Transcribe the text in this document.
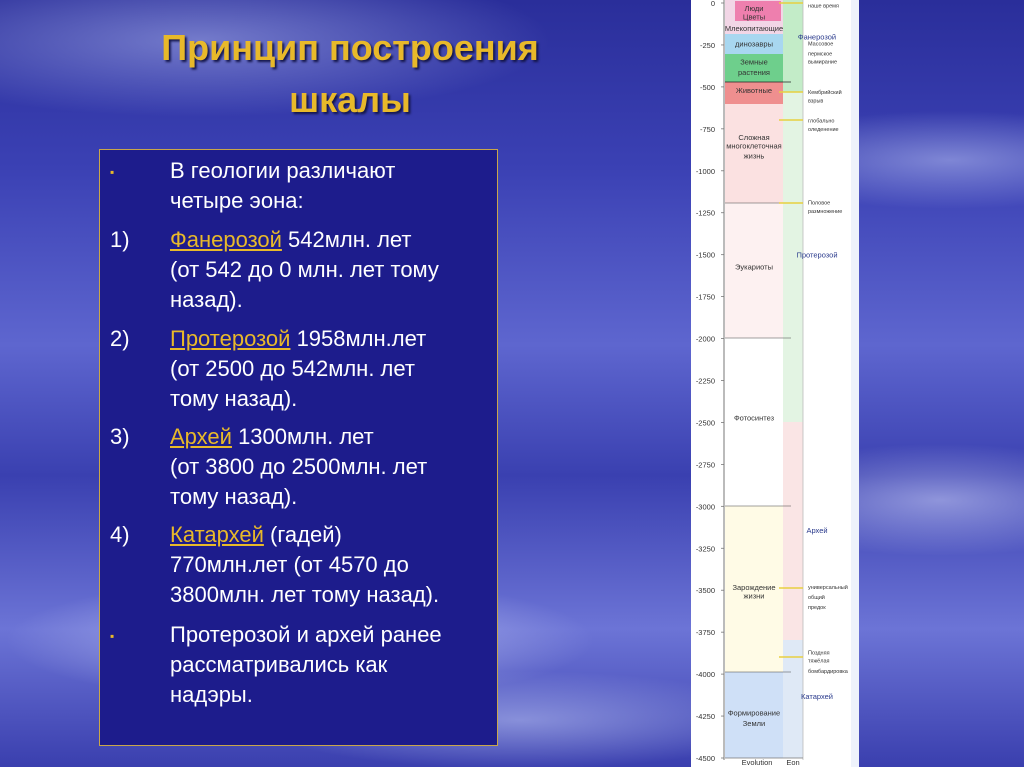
Принцип построения
шкалы
▪	В геологии различают
четыре эона:
1)	Фанерозой 542млн. лет
(от 542 до 0 млн. лет тому
назад).
2)	Протерозой 1958млн.лет
(от 2500 до 542млн. лет
тому назад).
3)	Архей 1300млн. лет
(от 3800 до 2500млн. лет
тому назад).
4)	Катархей (гадей)
770млн.лет (от 4570 до
3800млн. лет тому назад).
▪	Протерозой и архей ранее
рассматривались как
надэры.
0
-250
-500
-750
-1000
-1250
-1500
-1750
-2000
-2250
-2500
-2750
-3000
-3250
-3500
-3750
-4000
-4250
-4500
Люди
Цветы
Млекопитающие
динозавры
Земные
растения
Животные
Сложная
многоклеточная
жизнь
Эукариоты
Фотосинтез
Зарождение
жизни
Формирование
Земли
Фанерозой
Протерозой
Архей
Катархей
наше время
Массовое
пермское
вымирание
Кембрийский
взрыв
глобально
оледенение
Половое
размножение
универсальный
общий
предок
Поздняя
тяжёлая
бомбардировка
Evolution Eon
